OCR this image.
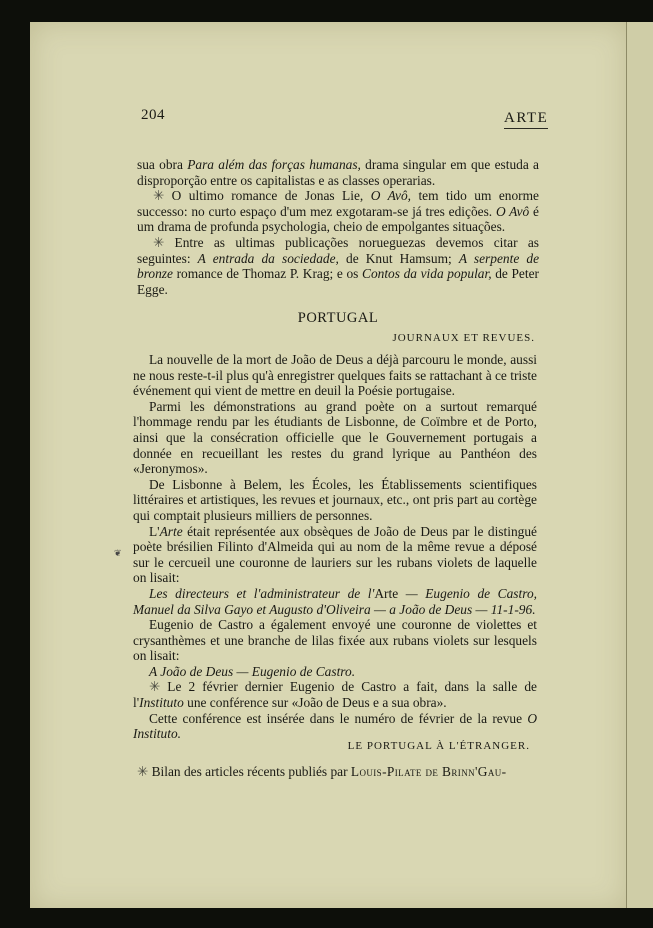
204	ARTE

sua obra Para além das forças humanas, drama singular em que estuda a disproporção entre os capitalistas e as classes operarias.

✳ O ultimo romance de Jonas Lie, O Avô, tem tido um enorme successo: no curto espaço d'um mez exgotaram-se já tres edições. O Avô é um drama de profunda psychologia, cheio de empolgantes situações.

✳ Entre as ultimas publicações norueguezas devemos citar as seguintes: A entrada da sociedade, de Knut Hamsum; A serpente de bronze romance de Thomaz P. Krag; e os Contos da vida popular, de Peter Egge.

PORTUGAL
JOURNAUX ET REVUES.

La nouvelle de la mort de João de Deus a déjà parcouru le monde, aussi ne nous reste-t-il plus qu'à enregistrer quelques faits se rattachant à ce triste événement qui vient de mettre en deuil la Poésie portugaise.

Parmi les démonstrations au grand poète on a surtout remarqué l'hommage rendu par les étudiants de Lisbonne, de Coïmbre et de Porto, ainsi que la consécration officielle que le Gouvernement portugais a donnée en recueillant les restes du grand lyrique au Panthéon des «Jeronymos».

De Lisbonne à Belem, les Écoles, les Établissements scientifiques littéraires et artistiques, les revues et journaux, etc., ont pris part au cortège qui comptait plusieurs milliers de personnes.

L'Arte était représentée aux obsèques de João de Deus par le distingué poète brésilien Filinto d'Almeida qui au nom de la même revue a déposé sur le cercueil une couronne de lauriers sur les rubans violets de laquelle on lisait:

Les directeurs et l'administrateur de l'Arte — Eugenio de Castro, Manuel da Silva Gayo et Augusto d'Oliveira — a João de Deus — 11-1-96.

Eugenio de Castro a également envoyé une couronne de violettes et crysanthèmes et une branche de lilas fixée aux rubans violets sur lesquels on lisait:

A João de Deus — Eugenio de Castro.

✳ Le 2 février dernier Eugenio de Castro a fait, dans la salle de l'Instituto une conférence sur «João de Deus e a sua obra».

Cette conférence est insérée dans le numéro de février de la revue O Instituto.

LE PORTUGAL À L'ÉTRANGER.
✳ Bilan des articles récents publiés par Louis-Pilate de Brinn'Gau-
❦
